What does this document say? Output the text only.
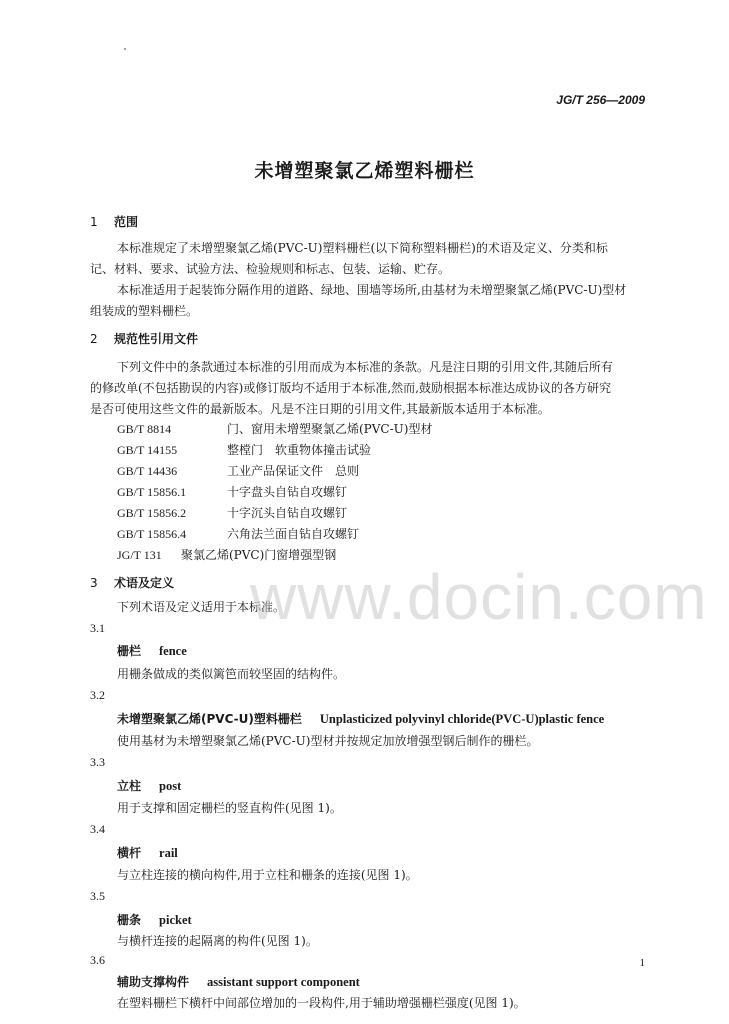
JG/T 256—2009
未增塑聚氯乙烯塑料栅栏
1 范围
本标准规定了未增塑聚氯乙烯(PVC-U)塑料栅栏(以下简称塑料栅栏)的术语及定义、分类和标
记、材料、要求、试验方法、检验规则和标志、包装、运输、贮存。
本标准适用于起装饰分隔作用的道路、绿地、围墙等场所,由基材为未增塑聚氯乙烯(PVC-U)型材
组装成的塑料栅栏。
2 规范性引用文件
下列文件中的条款通过本标准的引用而成为本标准的条款。凡是注日期的引用文件,其随后所有
的修改单(不包括勘误的内容)或修订版均不适用于本标准,然而,鼓励根据本标准达成协议的各方研究
是否可使用这些文件的最新版本。凡是不注日期的引用文件,其最新版本适用于本标准。
GB/T 8814	门、窗用未增塑聚氯乙烯(PVC-U)型材
GB/T 14155	整樘门　软重物体撞击试验
GB/T 14436	工业产品保证文件　总则
GB/T 15856.1	十字盘头自钻自攻螺钉
GB/T 15856.2	十字沉头自钻自攻螺钉
GB/T 15856.4	六角法兰面自钻自攻螺钉
JG/T 131 聚氯乙烯(PVC)门窗增强型钢
3 术语及定义
下列术语及定义适用于本标准。
3.1
栅栏 fence
用栅条做成的类似篱笆而较坚固的结构件。
3.2
未增塑聚氯乙烯(PVC-U)塑料栅栏 Unplasticized polyvinyl chloride(PVC-U)plastic fence
使用基材为未增塑聚氯乙烯(PVC-U)型材并按规定加放增强型钢后制作的栅栏。
3.3
立柱 post
用于支撑和固定栅栏的竖直构件(见图 1)。
3.4
横杆 rail
与立柱连接的横向构件,用于立柱和栅条的连接(见图 1)。
3.5
栅条 picket
与横杆连接的起隔离的构件(见图 1)。
3.6
辅助支撑构件 assistant support component
在塑料栅栏下横杆中间部位增加的一段构件,用于辅助增强栅栏强度(见图 1)。
www.docin.com
1
